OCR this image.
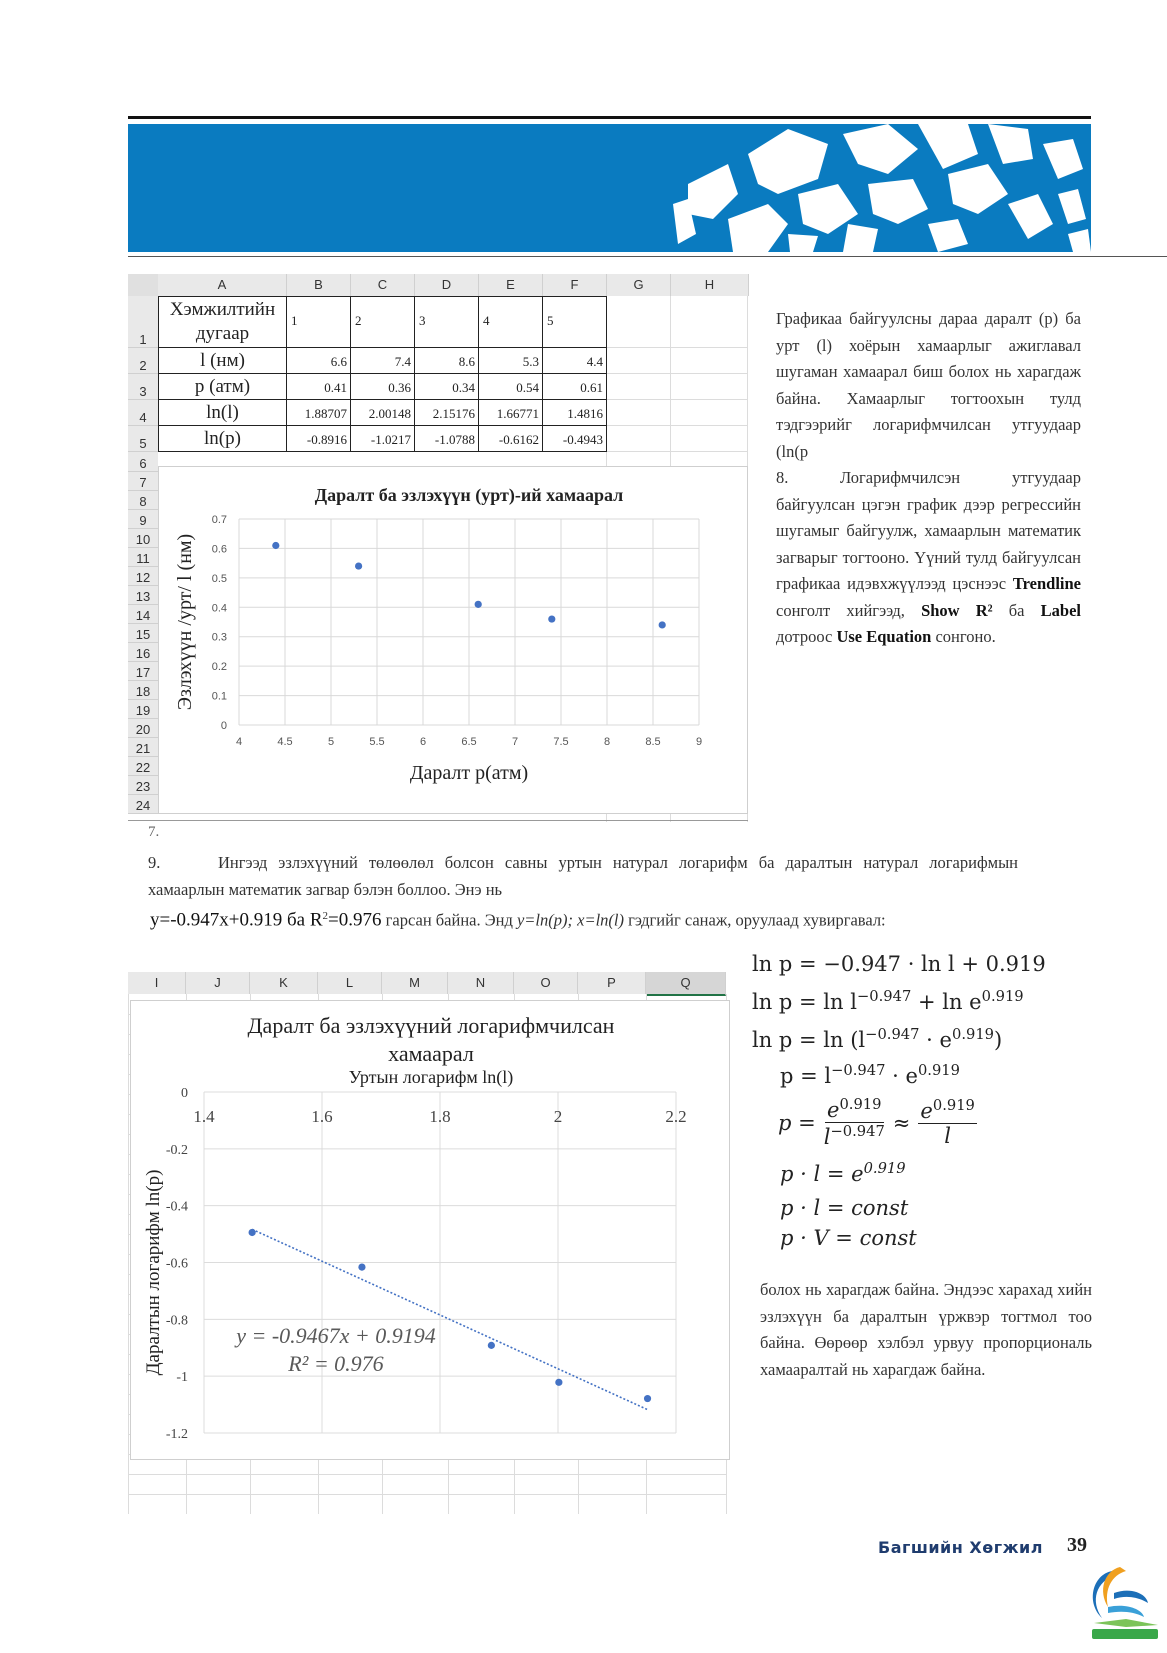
A	B	C	D	E	F	G	H
1
2
3
4
5
6
7
8
9
10
11
12
13
14
15
16
17
18
19
20
21
22
23
24
Хэмжилтийн дугаар
1	2	3	4	5
l (нм)	6.6	7.4	8.6	5.3	4.4
p (атм)	0.41	0.36	0.34	0.54	0.61
ln(l)	1.88707	2.00148	2.15176	1.66771	1.4816
ln(p)	-0.8916	-1.0217	-1.0788	-0.6162	-0.4943
Даралт ба эзлэхүүн (урт)-ий хамаарал
4	4.5	5	5.5	6	6.5	7	7.5	8	8.5	9
0
0.1
0.2
0.3
0.4
0.5
0.6
0.7
Даралт p(атм)
Эзлэхүүн /урт/ l (нм)
Графикаа байгуулсны дараа даралт (p) ба урт (l) хоёрын хамаарлыг ажиглавал шугаман хамаарал биш болох нь харагдаж байна. Хамаарлыг тогтоохын тулд тэдгээрийг логарифмчилсан утгуудаар (ln(p
8.	Логарифмчилсэн утгуудаар байгуулсан цэгэн график дээр регрессийн шугамыг байгуулж, хамаарлын математик загварыг тогтооно. Үүний тулд байгуулсан графикаа идэвхжүүлээд цэснээс Trendline сонголт хийгээд, Show R² ба Label дотроос Use Equation сонгоно.
7.
9.	Ингээд эзлэхүүний төлөөлөл болсон савны уртын натурал логарифм ба даралтын натурал логарифмын хамаарлын математик загвар бэлэн боллоо. Энэ нь
y=-0.947x+0.919 ба $R^2=0.976$ гарсан байна. Энд y=ln(p); x=ln(l) гэдгийг санаж, оруулаад хувиргавал:
I	J	K	L	M	N	O	P	Q
Даралт ба эзлэхүүний логарифмчилсан
хамаарал
Уртын логарифм ln(l)
1.4	1.6	1.8	2	2.2
0
-0.2
-0.4
-0.6
-0.8
-1
-1.2
y = -0.9467x + 0.9194
R² = 0.976
Даралтын логарифм ln(p)
ln p = −0.947 · ln l + 0.919
$\ln p = \ln l^{-0.947} + \ln e^{0.919}$
$\ln p = \ln (l^{-0.947} \cdot e^{0.919})$
$p = l^{-0.947} \cdot e^{0.919}$
$p = \frac{e^{0.919}}{l^{-0.947}} \approx \frac{e^{0.919}}{l}$
$p \cdot l = e^{0.919}$
p · l = const
p · V = const
болох нь харагдаж байна. Эндээс харахад хийн эзлэхүүн ба даралтын үржвэр тогтмол тоо байна. Өөрөөр хэлбэл урвуу пропорциональ хамааралтай нь харагдаж байна.
Багшийн Хөгжил 39
